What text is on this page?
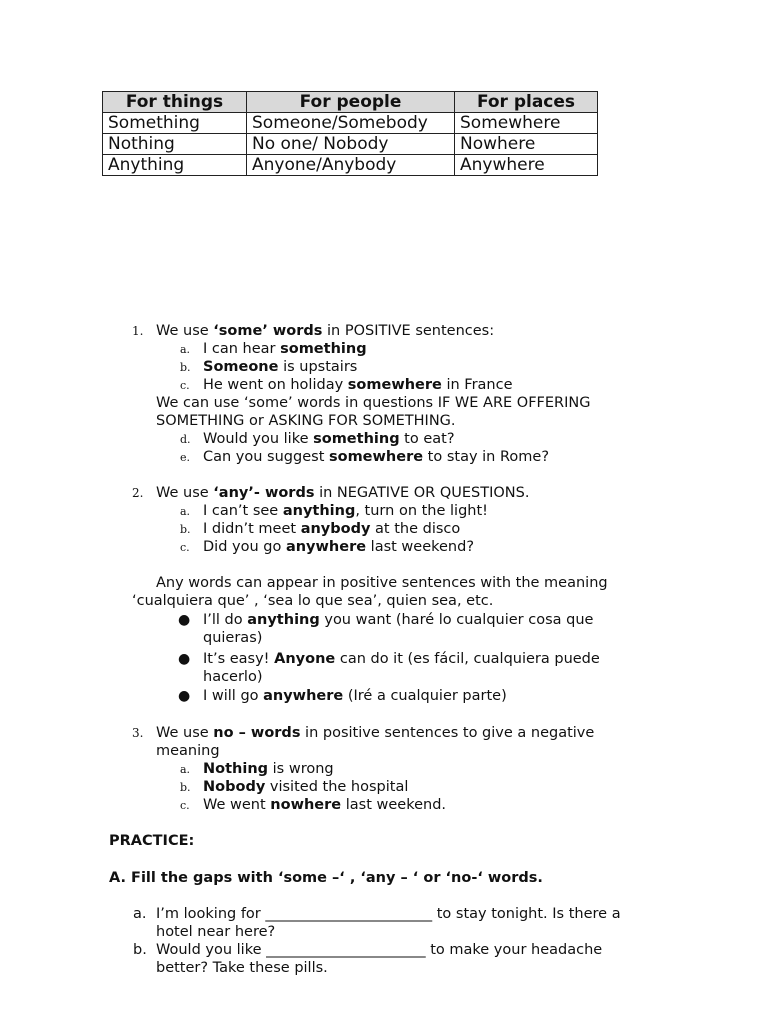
For things	For people	For places
Something	Someone/Somebody	Somewhere
Nothing	No one/ Nobody	Nowhere
Anything	Anyone/Anybody	Anywhere
1. We use ‘some’ words in POSITIVE sentences:
a. I can hear something
b. Someone is upstairs
c. He went on holiday somewhere in France
We can use ‘some’ words in questions IF WE ARE OFFERING
SOMETHING or ASKING FOR SOMETHING.
d. Would you like something to eat?
e. Can you suggest somewhere to stay in Rome?
2. We use ‘any’- words in NEGATIVE OR QUESTIONS.
a. I can’t see anything, turn on the light!
b. I didn’t meet anybody at the disco
c. Did you go anywhere last weekend?
Any words can appear in positive sentences with the meaning
‘cualquiera que’ , ‘sea lo que sea’, quien sea, etc.
● I’ll do anything you want (haré lo cualquier cosa que
quieras)
● It’s easy! Anyone can do it (es fácil, cualquiera puede
hacerlo)
● I will go anywhere (Iré a cualquier parte)
3. We use no – words in positive sentences to give a negative
meaning
a. Nothing is wrong
b. Nobody visited the hospital
c. We went nowhere last weekend.
PRACTICE:
A. Fill the gaps with ‘some –‘ , ‘any – ‘ or ‘no-‘ words.
a. I’m looking for _______________________ to stay tonight. Is there a
hotel near here?
b. Would you like ______________________ to make your headache
better? Take these pills.
